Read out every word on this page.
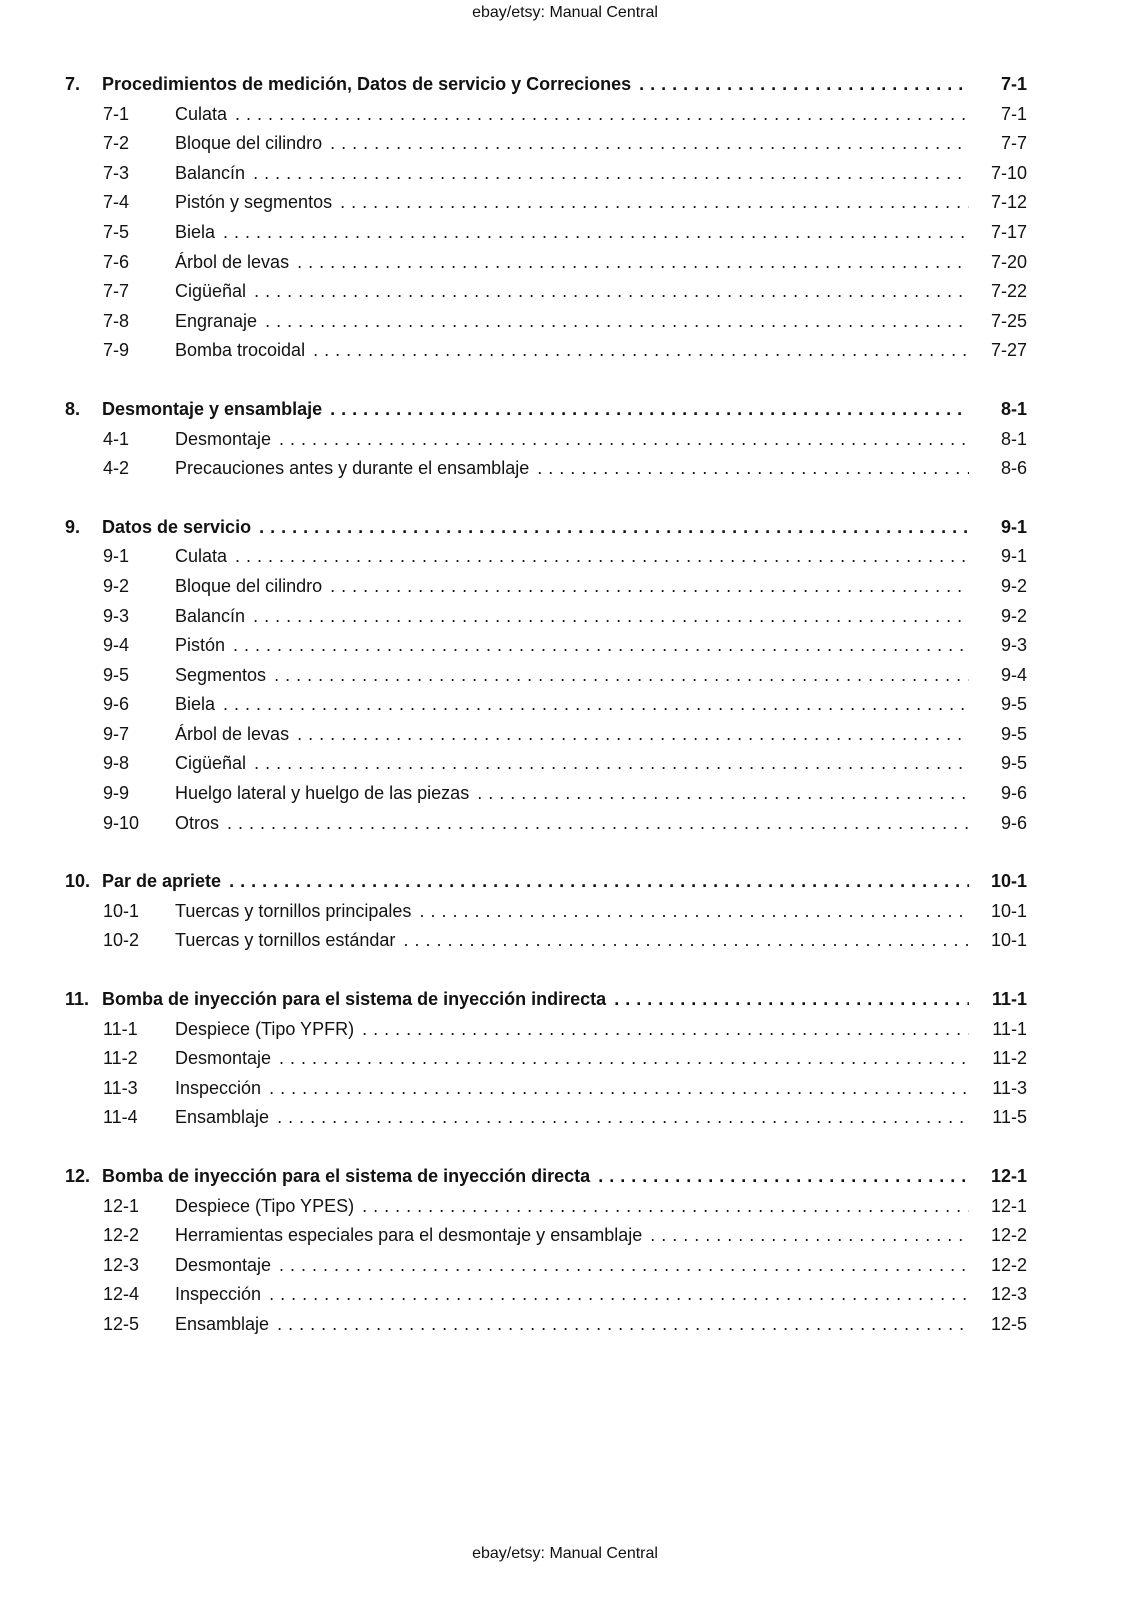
ebay/etsy: Manual Central
7.	Procedimientos de medición, Datos de servicio y Correciones .....	7-1
7-1	Culata .....	7-1
7-2	Bloque del cilindro .....	7-7
7-3	Balancín .....	7-10
7-4	Pistón y segmentos .....	7-12
7-5	Biela .....	7-17
7-6	Árbol de levas .....	7-20
7-7	Cigüeñal .....	7-22
7-8	Engranaje .....	7-25
7-9	Bomba trocoidal .....	7-27
8.	Desmontaje y ensamblaje .....	8-1
4-1	Desmontaje .....	8-1
4-2	Precauciones antes y durante el ensamblaje .....	8-6
9.	Datos de servicio .....	9-1
9-1	Culata .....	9-1
9-2	Bloque del cilindro .....	9-2
9-3	Balancín .....	9-2
9-4	Pistón .....	9-3
9-5	Segmentos .....	9-4
9-6	Biela .....	9-5
9-7	Árbol de levas .....	9-5
9-8	Cigüeñal .....	9-5
9-9	Huelgo lateral y huelgo de las piezas .....	9-6
9-10	Otros .....	9-6
10. Par de apriete .....	10-1
10-1	Tuercas y tornillos principales .....	10-1
10-2	Tuercas y tornillos estándar .....	10-1
11. Bomba de inyección para el sistema de inyección indirecta .....	11-1
11-1	Despiece (Tipo YPFR) .....	11-1
11-2	Desmontaje .....	11-2
11-3	Inspección .....	11-3
11-4	Ensamblaje .....	11-5
12. Bomba de inyección para el sistema de inyección directa .....	12-1
12-1	Despiece (Tipo YPES) .....	12-1
12-2	Herramientas especiales para el desmontaje y ensamblaje .....	12-2
12-3	Desmontaje .....	12-2
12-4	Inspección .....	12-3
12-5	Ensamblaje .....	12-5
ebay/etsy: Manual Central
